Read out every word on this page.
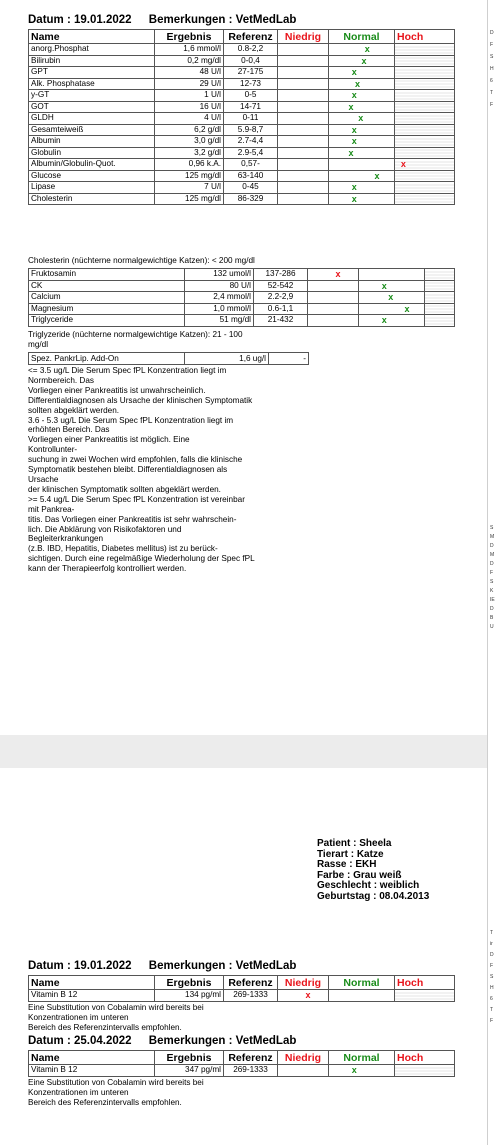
Datum : 19.01.2022 Bemerkungen : VetMedLab
Name	Ergebnis	Referenz	Niedrig	Normal	Hoch
anorg.Phosphat	1,6 mmol/l	0.8-2,2		x	

Bilirubin	0,2 mg/dl	0-0,4		x	

GPT	48 U/l	27-175		x	

Alk. Phosphatase	29 U/l	12-73		x	

y-GT	1 U/l	0-5		x	

GOT	16 U/l	14-71		x	

GLDH	4 U/l	0-11		x	

Gesamteiweiß	6,2 g/dl	5.9-8,7		x	

Albumin	3,0 g/dl	2.7-4,4		x	

Globulin	3,2 g/dl	2.9-5,4		x	

Albumin/Globulin-Quot.	0,96 k.A.	0,57-			x

Glucose	125 mg/dl	63-140		x	

Lipase	7 U/l	0-45		x	

Cholesterin	125 mg/dl	86-329		x	

Cholesterin (nüchterne normalgewichtige Katzen): < 200 mg/dl
Fruktosamin	132 umol/l	137-286	x		

CK	80 U/l	52-542		x	

Calcium	2,4 mmol/l	2.2-2,9		x	

Magnesium	1,0 mmol/l	0.6-1,1		x	

Triglyceride	51 mg/dl	21-432		x	

Triglyzeride (nüchterne normalgewichtige Katzen): 21 - 100
mg/dl
Spez. PankrLip. Add-On	1,6 ug/l	-
<= 3.5 ug/L Die Serum Spec fPL Konzentration liegt im
Normbereich. Das
Vorliegen einer Pankreatitis ist unwahrscheinlich.
Differentialdiagnosen als Ursache der klinischen Symptomatik
sollten abgeklärt werden.
3.6 - 5.3 ug/L Die Serum Spec fPL Konzentration liegt im
erhöhten Bereich. Das
Vorliegen einer Pankreatitis ist möglich. Eine
Kontrollunter-
suchung in zwei Wochen wird empfohlen, falls die klinische
Symptomatik bestehen bleibt. Differentialdiagnosen als
Ursache
der klinischen Symptomatik sollten abgeklärt werden.
>= 5.4 ug/L Die Serum Spec fPL Konzentration ist vereinbar
mit Pankrea-
titis. Das Vorliegen einer Pankreatitis ist sehr wahrschein-
lich. Die Abklärung von Risikofaktoren und
Begleiterkrankungen
(z.B. IBD, Hepatitis, Diabetes mellitus) ist zu berück-
sichtigen. Durch eine regelmäßige Wiederholung der Spec fPL
kann der Therapieerfolg kontrolliert werden.
Patient : Sheela
Tierart : Katze
Rasse : EKH
Farbe : Grau weiß
Geschlecht : weiblich
Geburtstag : 08.04.2013
Datum : 19.01.2022 Bemerkungen : VetMedLab
Name	Ergebnis	Referenz	Niedrig	Normal	Hoch
Vitamin B 12	134 pg/ml	269-1333	x		

Eine Substitution von Cobalamin wird bereits bei
Konzentrationen im unteren
Bereich des Referenzintervalls empfohlen.
Datum : 25.04.2022 Bemerkungen : VetMedLab
Name	Ergebnis	Referenz	Niedrig	Normal	Hoch
Vitamin B 12	347 pg/ml	269-1333		x	

Eine Substitution von Cobalamin wird bereits bei
Konzentrationen im unteren
Bereich des Referenzintervalls empfohlen.
D
F
S
H
6
T
F
S
M
D
M
D
F
S
K
IE
D
B
U
T
ir
D
F
S
H
6
T
F
